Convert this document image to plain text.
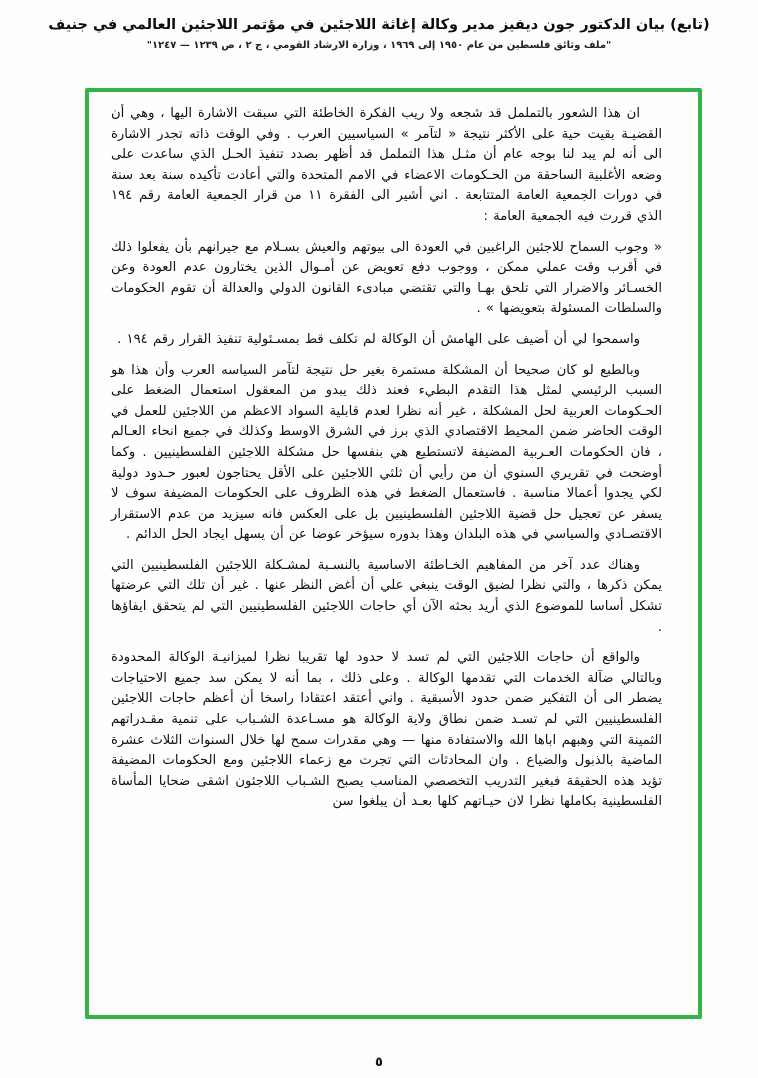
(تابع) بيان الدكتور جون ديفيز مدير وكالة إغاثة اللاجئين في مؤتمر اللاجئين العالمي في جنيف
"ملف وثائق فلسطين من عام ١٩٥٠ إلى ١٩٦٩ ، وزارة الارشاد القومي ، ج ٢ ، ص ١٢٣٩ — ١٢٤٧"

ان هذا الشعور بالتململ قد شجعه ولا ريب الفكرة الخاطئة التي سبقت الاشارة اليها ، وهي أن القضيـة بقيت حية على الأكثر نتيجة « لتآمر » السياسيين العرب . وفي الوقت ذاته تجدر الاشارة الى أنه لم يبد لنا بوجه عام أن مثـل هذا التململ قد أظهر بصدد تنفيذ الحـل الذي ساعدت على وضعه الأغلبية الساحقة من الحـكومات الاعضاء في الامم المتحدة والتي أعادت تأكيده سنة بعد سنة في دورات الجمعية العامة المتتابعة . اني أشير الى الفقرة ١١ من قرار الجمعية العامة رقم ١٩٤ الذي قررت فيه الجمعية العامة :

« وجوب السماح للاجئين الراغبين في العودة الى بيوتهم والعيش بسـلام مع جيرانهم بأن يفعلوا ذلك في أقرب وقت عملي ممكن ، ووجوب دفع تعويض عن أمـوال الذين يختارون عدم العودة وعن الخسـائر والاضرار التي تلحق بهـا والتي تقتضي مبادىء القانون الدولي والعدالة أن تقوم الحكومات والسلطات المسئولة بتعويضها » .

واسمحوا لي أن أضيف على الهامش أن الوكالة لم تكلف قط بمسـئولية تنفيذ القرار رقم ١٩٤ .

وبالطبع لو كان صحيحا أن المشكلة مستمرة بغير حل نتيجة لتآمر السياسه العرب وأن هذا هو السبب الرئيسي لمثل هذا التقدم البطيء فعند ذلك يبدو من المعقول استعمال الضغط على الحـكومات العربية لحل المشكلة ، غير أنه نظرا لعدم قابلية السواد الاعظم من اللاجئين للعمل في الوقت الحاضر ضمن المحيط الاقتصادي الذي برز في الشرق الاوسط وكذلك في جميع انحاء العـالم ، فان الحكومات العـربية المضيفة لاتستطيع هي بنفسها حل مشكلة اللاجئين الفلسطينيين . وكما أوضحت في تقريري السنوي أن من رأيي أن ثلثي اللاجئين على الأقل يحتاجون لعبور حـدود دولية لكي يجدوا أعمالا مناسبة . فاستعمال الضغط في هذه الظروف على الحكومات المضيفة سوف لا يسفر عن تعجيل حل قضية اللاجئين الفلسطينيين بل على العكس فانه سيزيد من عدم الاستقرار الاقتصـادي والسياسي في هذه البلدان وهذا بدوره سيؤخر عوضا عن أن يسهل ايجاد الحل الدائم .

وهناك عدد آخر من المفاهيم الخـاطئة الاساسية بالنسـبة لمشـكلة اللاجئين الفلسطينيين التي يمكن ذكرها ، والتي نظرا لضيق الوقت ينبغي علي أن أغض النظر عنها . غير أن تلك التي عرضتها تشكل أساسا للموضوع الذي أريد بحثه الآن أي حاجات اللاجئين الفلسطينيين التي لم يتحقق ايفاؤها .

والواقع أن حاجات اللاجئين التي لم تسد لا حدود لها تقريبا نظرا لميزانيـة الوكالة المحدودة وبالتالي ضآلة الخدمات التي تقدمها الوكالة . وعلى ذلك ، بما أنه لا يمكن سد جميع الاحتياجات يضطر الى أن التفكير ضمن حدود الأسبقية . واني أعتقد اعتقادا راسخا أن أعظم حاجات اللاجئين الفلسطينيين التي لم تسـد ضمن نطاق ولاية الوكالة هو مسـاعدة الشـباب على تنمية مقـدراتهم الثمينة التي وهبهم اباها الله والاستفادة منها — وهي مقدرات سمح لها خلال السنوات الثلاث عشرة الماضية بالذبول والضياع . وان المحادثات التي تجرت مع زعماء اللاجئين ومع الحكومات المضيفة تؤيد هذه الحقيقة فبغير التدريب التخصصي المناسب يصبح الشـباب اللاجئون اشقى ضحايا المأساة الفلسطينية بكاملها نظرا لان حيـاتهم كلها بعـد أن يبلغوا سن

٥
